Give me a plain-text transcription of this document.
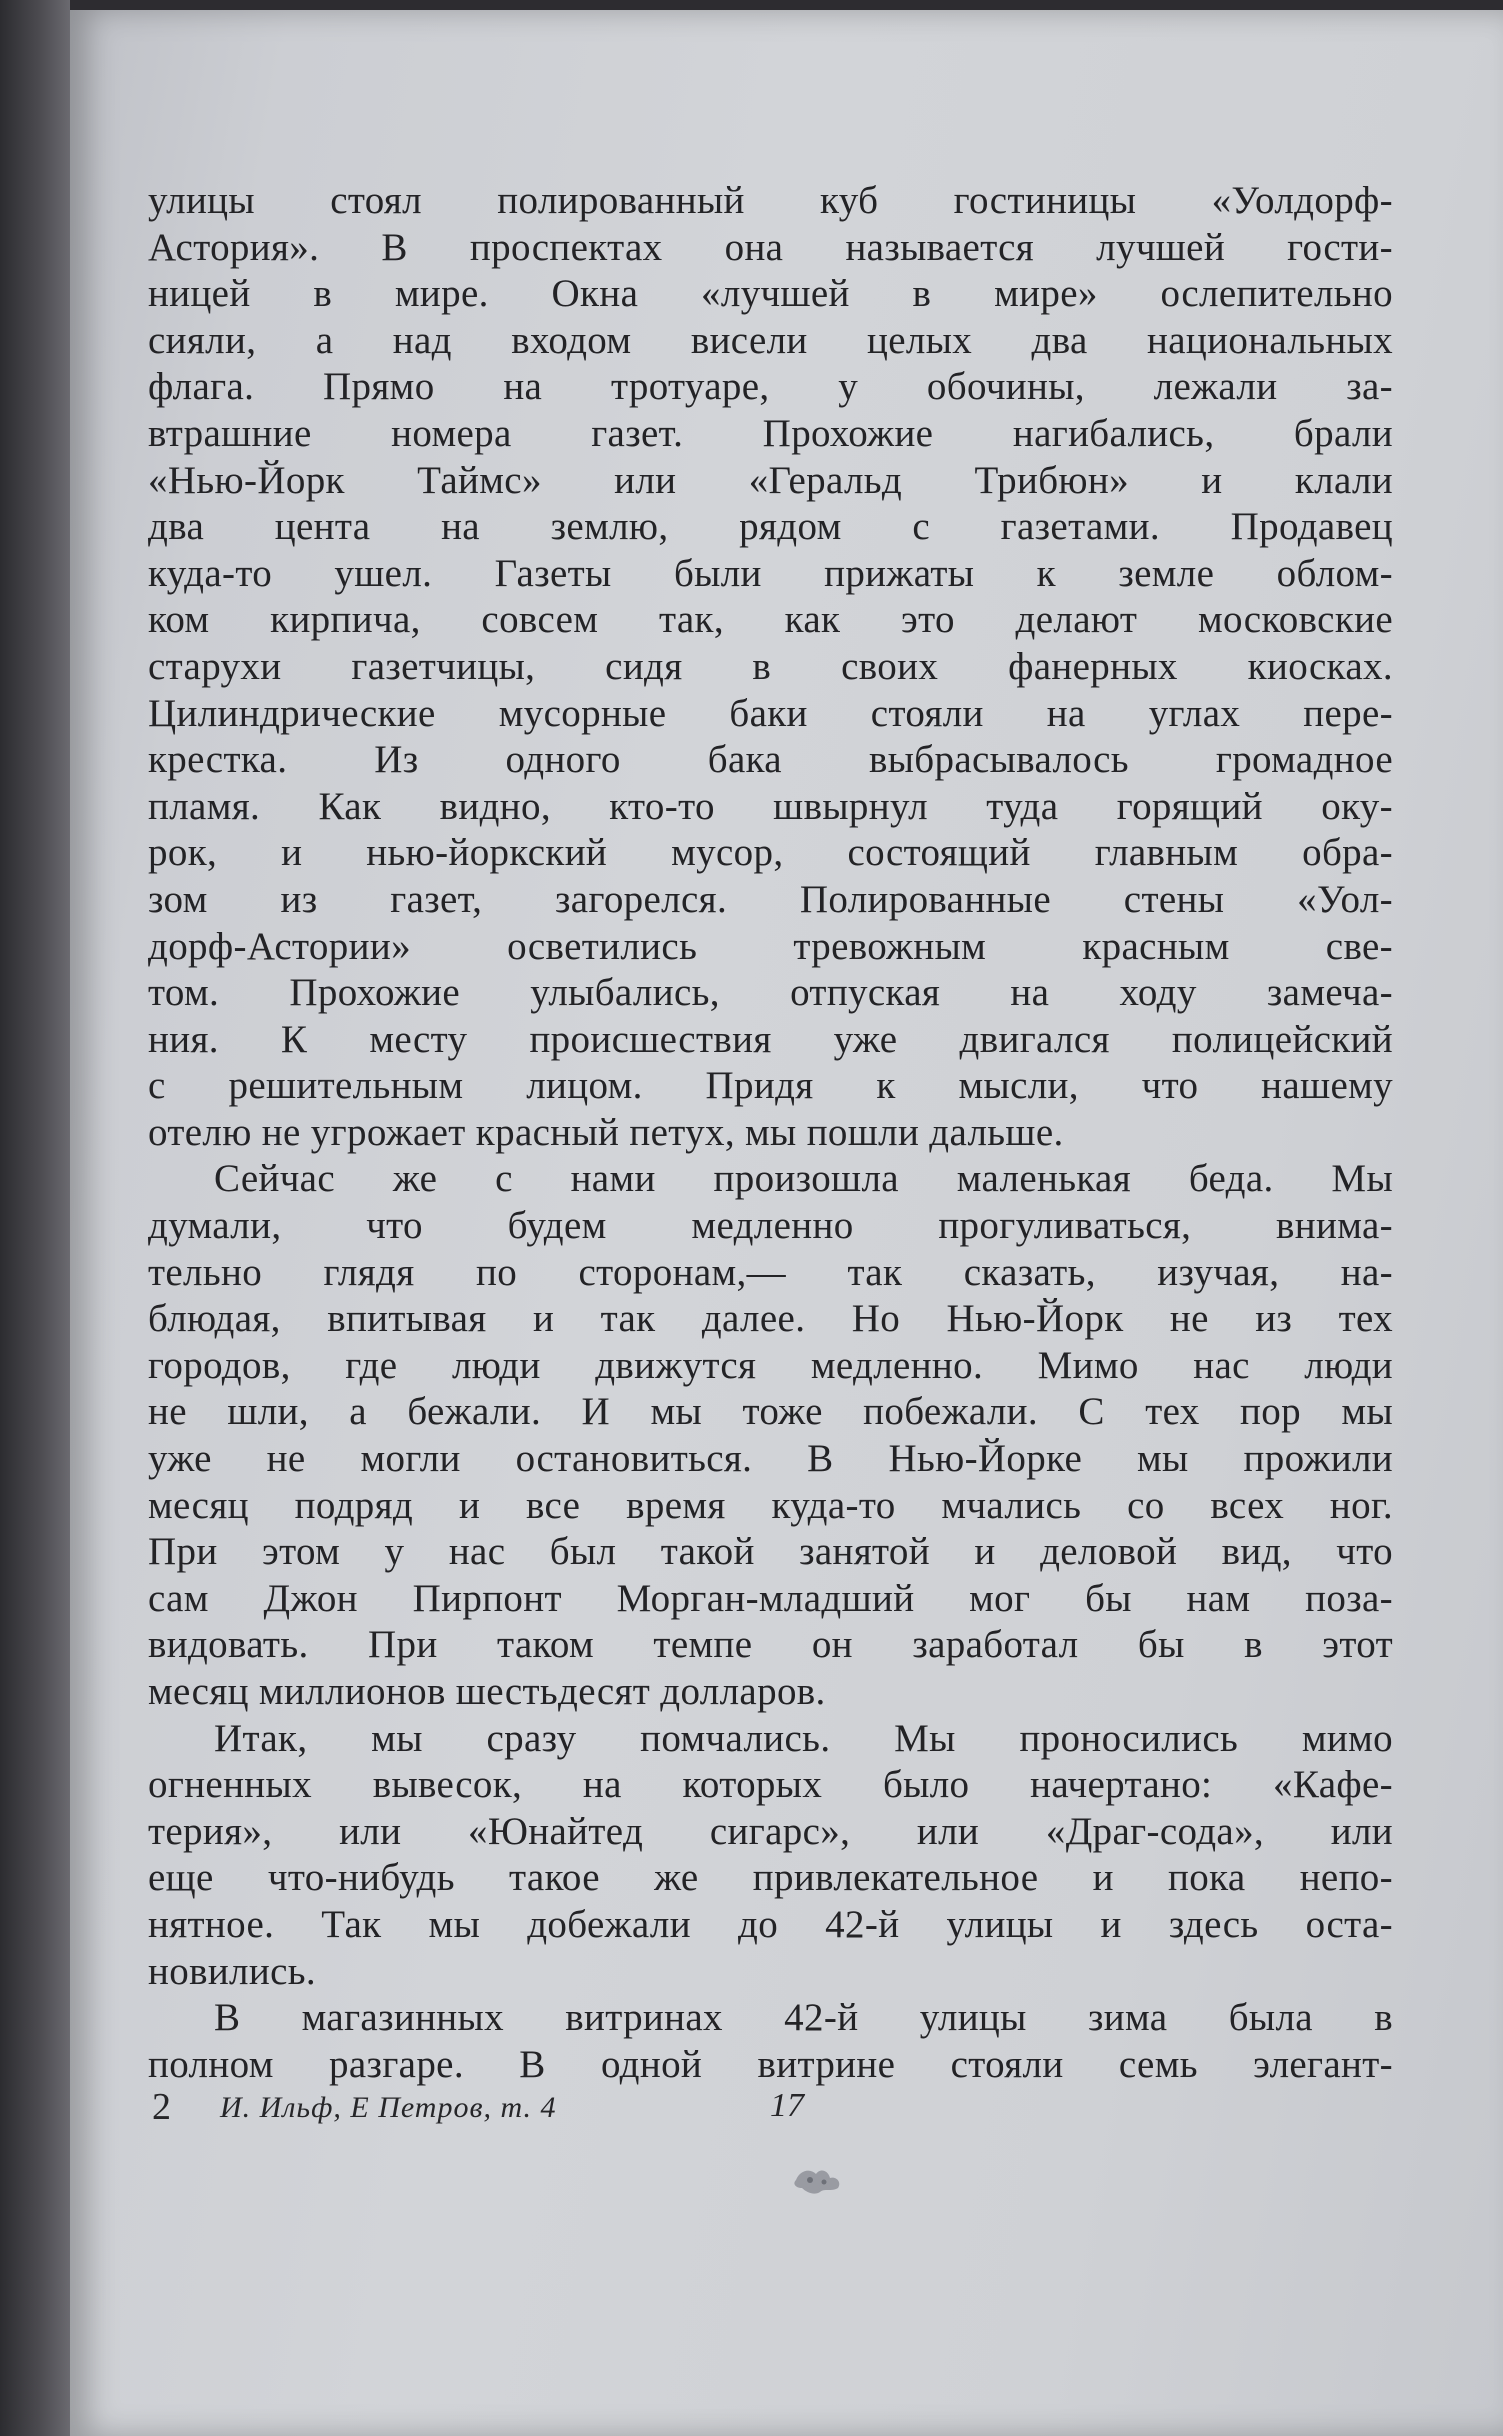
улицы стоял полированный куб гостиницы «Уолдорф-
Астория». В проспектах она называется лучшей гости-
ницей в мире. Окна «лучшей в мире» ослепительно
сияли, а над входом висели целых два национальных
флага. Прямо на тротуаре, у обочины, лежали за-
втрашние номера газет. Прохожие нагибались, брали
«Нью-Йорк Таймс» или «Геральд Трибюн» и клали
два цента на землю, рядом с газетами. Продавец
куда-то ушел. Газеты были прижаты к земле облом-
ком кирпича, совсем так, как это делают московские
старухи газетчицы, сидя в своих фанерных киосках.
Цилиндрические мусорные баки стояли на углах пере-
крестка. Из одного бака выбрасывалось громадное
пламя. Как видно, кто-то швырнул туда горящий оку-
рок, и нью-йоркский мусор, состоящий главным обра-
зом из газет, загорелся. Полированные стены «Уол-
дорф-Астории» осветились тревожным красным све-
том. Прохожие улыбались, отпуская на ходу замеча-
ния. К месту происшествия уже двигался полицейский
с решительным лицом. Придя к мысли, что нашему
отелю не угрожает красный петух, мы пошли дальше.
Сейчас же с нами произошла маленькая беда. Мы
думали, что будем медленно прогуливаться, внима-
тельно глядя по сторонам,— так сказать, изучая, на-
блюдая, впитывая и так далее. Но Нью-Йорк не из тех
городов, где люди движутся медленно. Мимо нас люди
не шли, а бежали. И мы тоже побежали. С тех пор мы
уже не могли остановиться. В Нью-Йорке мы прожили
месяц подряд и все время куда-то мчались со всех ног.
При этом у нас был такой занятой и деловой вид, что
сам Джон Пирпонт Морган-младший мог бы нам поза-
видовать. При таком темпе он заработал бы в этот
месяц миллионов шестьдесят долларов.
Итак, мы сразу помчались. Мы проносились мимо
огненных вывесок, на которых было начертано: «Кафе-
терия», или «Юнайтед сигарс», или «Драг-сода», или
еще что-нибудь такое же привлекательное и пока непо-
нятное. Так мы добежали до 42-й улицы и здесь оста-
новились.
В магазинных витринах 42-й улицы зима была в
полном разгаре. В одной витрине стояли семь элегант-
2 И. Ильф, Е Петров, т. 4	17
